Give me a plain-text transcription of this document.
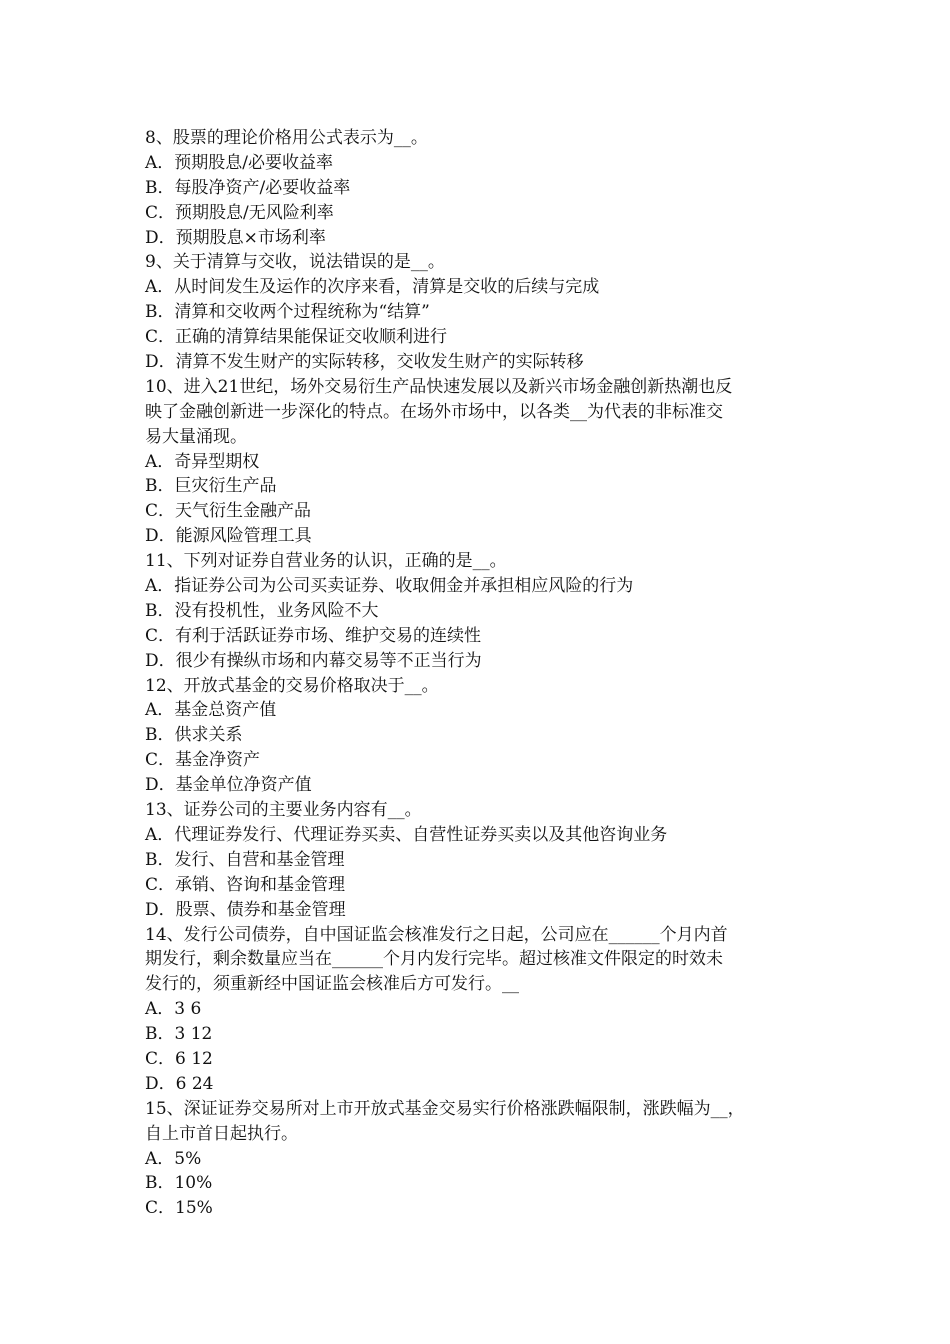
8、股票的理论价格用公式表示为__。
A．预期股息/必要收益率
B．每股净资产/必要收益率
C．预期股息/无风险利率
D．预期股息×市场利率
9、关于清算与交收，说法错误的是__。
A．从时间发生及运作的次序来看，清算是交收的后续与完成
B．清算和交收两个过程统称为“结算”
C．正确的清算结果能保证交收顺利进行
D．清算不发生财产的实际转移，交收发生财产的实际转移
10、进入21世纪，场外交易衍生产品快速发展以及新兴市场金融创新热潮也反
映了金融创新进一步深化的特点。在场外市场中，以各类__为代表的非标准交
易大量涌现。
A．奇异型期权
B．巨灾衍生产品
C．天气衍生金融产品
D．能源风险管理工具
11、下列对证券自营业务的认识，正确的是__。
A．指证券公司为公司买卖证券、收取佣金并承担相应风险的行为
B．没有投机性，业务风险不大
C．有利于活跃证券市场、维护交易的连续性
D．很少有操纵市场和内幕交易等不正当行为
12、开放式基金的交易价格取决于__。
A．基金总资产值
B．供求关系
C．基金净资产
D．基金单位净资产值
13、证券公司的主要业务内容有__。
A．代理证券发行、代理证券买卖、自营性证券买卖以及其他咨询业务
B．发行、自营和基金管理
C．承销、咨询和基金管理
D．股票、债券和基金管理
14、发行公司债券，自中国证监会核准发行之日起，公司应在______个月内首
期发行，剩余数量应当在______个月内发行完毕。超过核准文件限定的时效未
发行的，须重新经中国证监会核准后方可发行。__
A．3 6
B．3 12
C．6 12
D．6 24
15、深证证券交易所对上市开放式基金交易实行价格涨跌幅限制，涨跌幅为__，
自上市首日起执行。
A．5%
B．10%
C．15%
